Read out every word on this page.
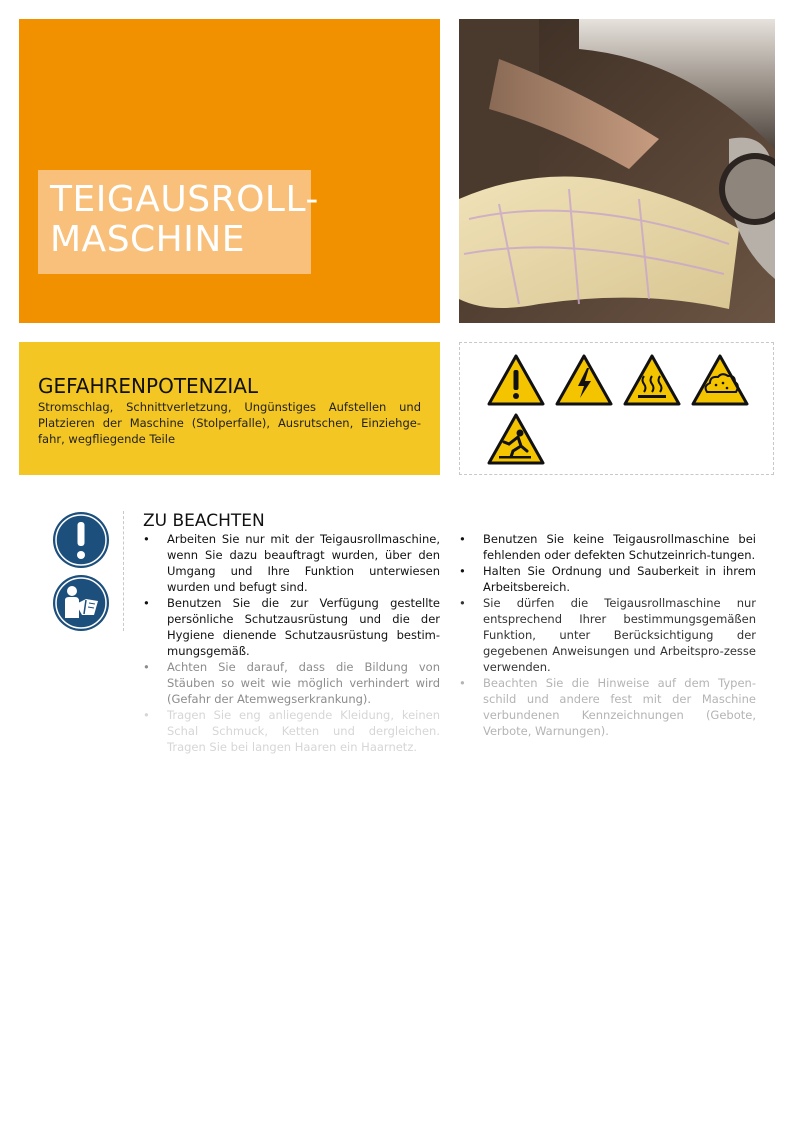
TEIGAUSROLL-
MASCHINE
GEFAHRENPOTENZIAL

Stromschlag, Schnittverletzung, Ungünstiges Aufstellen und Platzieren der Maschine (Stolperfalle), Ausrutschen, Einziehge-fahr, wegfliegende Teile

ZU BEACHTEN
• Arbeiten Sie nur mit der Teigausrollmaschine, wenn Sie dazu beauftragt wurden, über den Umgang und Ihre Funktion unterwiesen wurden und befugt sind.
• Benutzen Sie die zur Verfügung gestellte persönliche Schutzausrüstung und die der Hygiene dienende Schutzausrüstung bestim-mungsgemäß.
• Achten Sie darauf, dass die Bildung von Stäuben so weit wie möglich verhindert wird (Gefahr der Atemwegserkrankung).
• Tragen Sie eng anliegende Kleidung, keinen Schal Schmuck, Ketten und dergleichen. Tragen Sie bei langen Haaren ein Haarnetz.
• Benutzen Sie keine Teigausrollmaschine bei fehlenden oder defekten Schutzeinrich-tungen.
• Halten Sie Ordnung und Sauberkeit in ihrem Arbeitsbereich.
• Sie dürfen die Teigausrollmaschine nur entsprechend Ihrer bestimmungsgemäßen Funktion, unter Berücksichtigung der gegebenen Anweisungen und Arbeitspro-zesse verwenden.
• Beachten Sie die Hinweise auf dem Typen-schild und andere fest mit der Maschine verbundenen Kennzeichnungen (Gebote, Verbote, Warnungen).
